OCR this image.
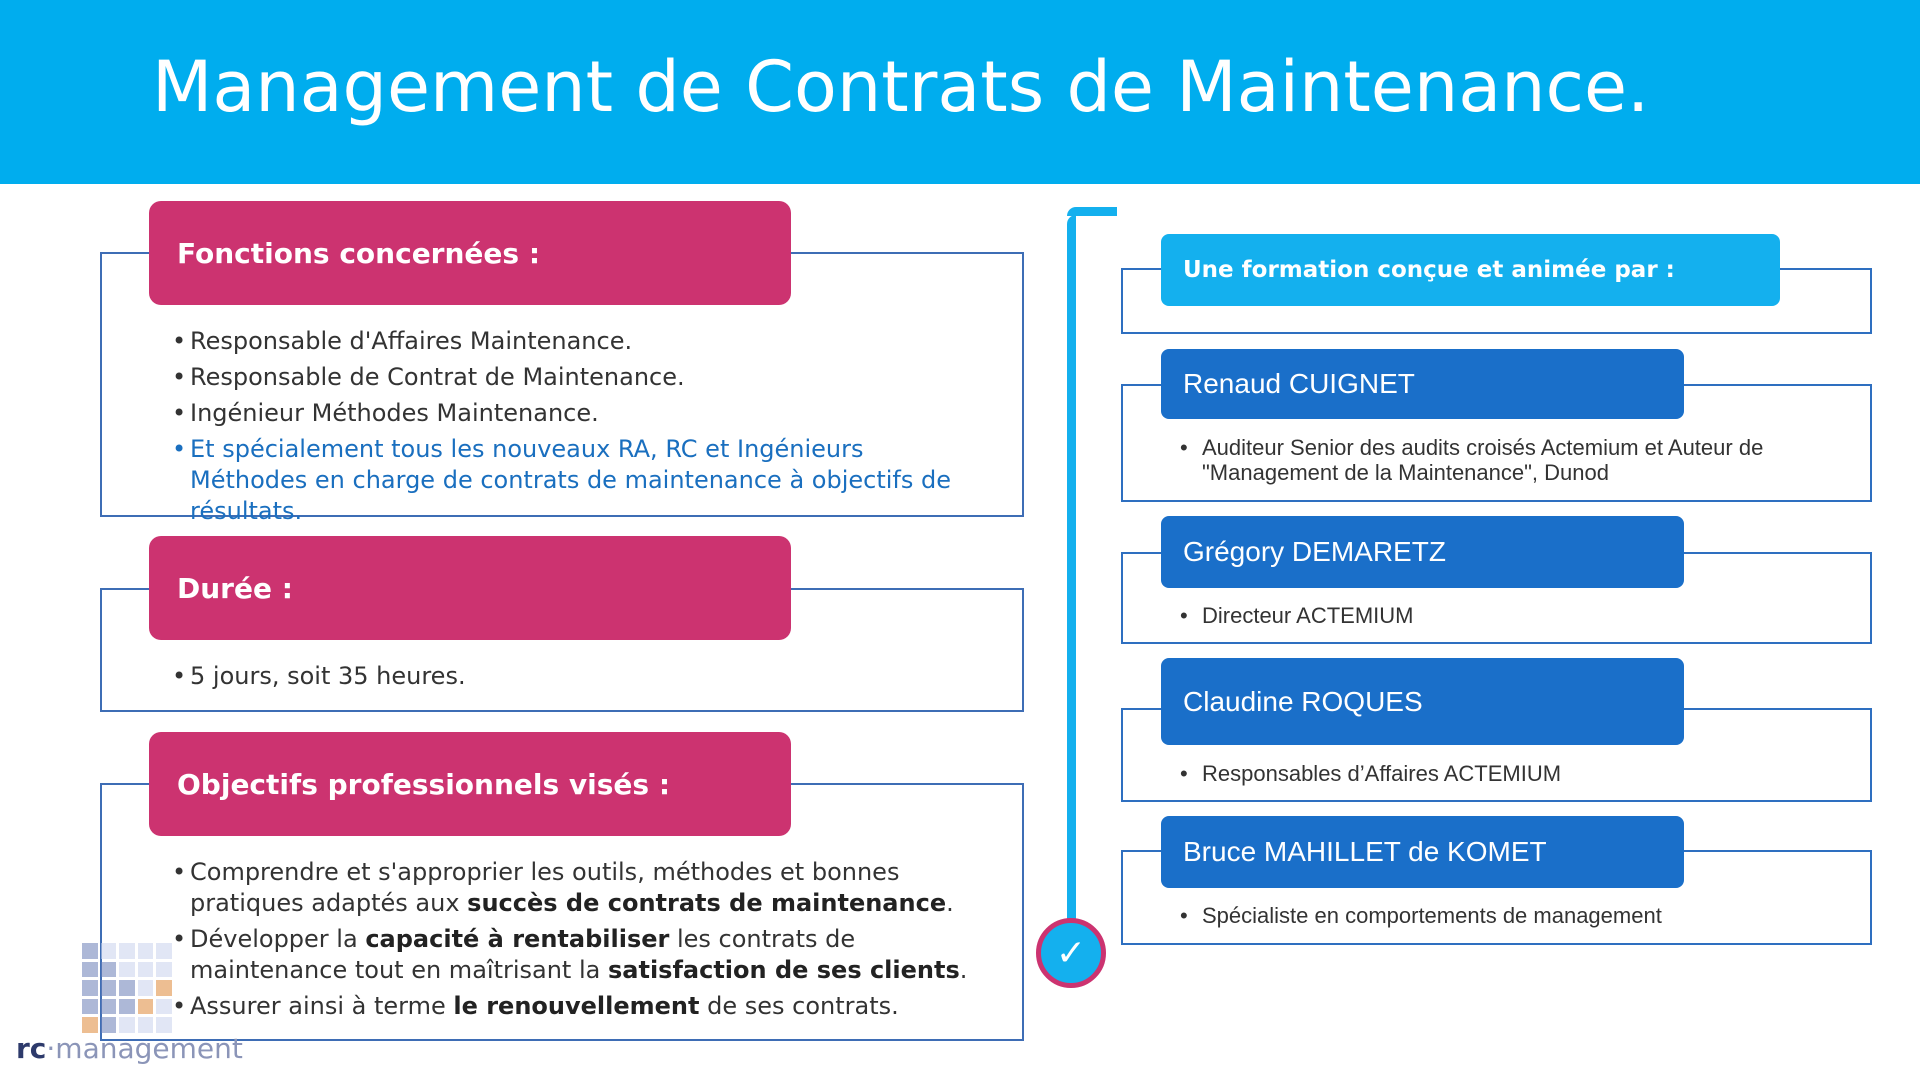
Management de Contrats de Maintenance.
Fonctions concernées :
• Responsable d'Affaires Maintenance.
• Responsable de Contrat de Maintenance.
• Ingénieur Méthodes Maintenance.
• Et spécialement tous les nouveaux RA, RC et Ingénieurs Méthodes en charge de contrats de maintenance à objectifs de résultats.
Durée :
• 5 jours, soit 35 heures.
Objectifs professionnels visés :
• Comprendre et s'approprier les outils, méthodes et bonnes pratiques adaptés aux succès de contrats de maintenance.
• Développer la capacité à rentabiliser les contrats de maintenance tout en maîtrisant la satisfaction de ses clients.
• Assurer ainsi à terme le renouvellement de ses contrats.
rc·management
✓
Une formation conçue et animée par :
Renaud CUIGNET
• Auditeur Senior des audits croisés Actemium et Auteur de "Management de la Maintenance", Dunod
Grégory DEMARETZ
• Directeur ACTEMIUM
Claudine ROQUES
• Responsables d’Affaires ACTEMIUM
Bruce MAHILLET de KOMET
• Spécialiste en comportements de management
